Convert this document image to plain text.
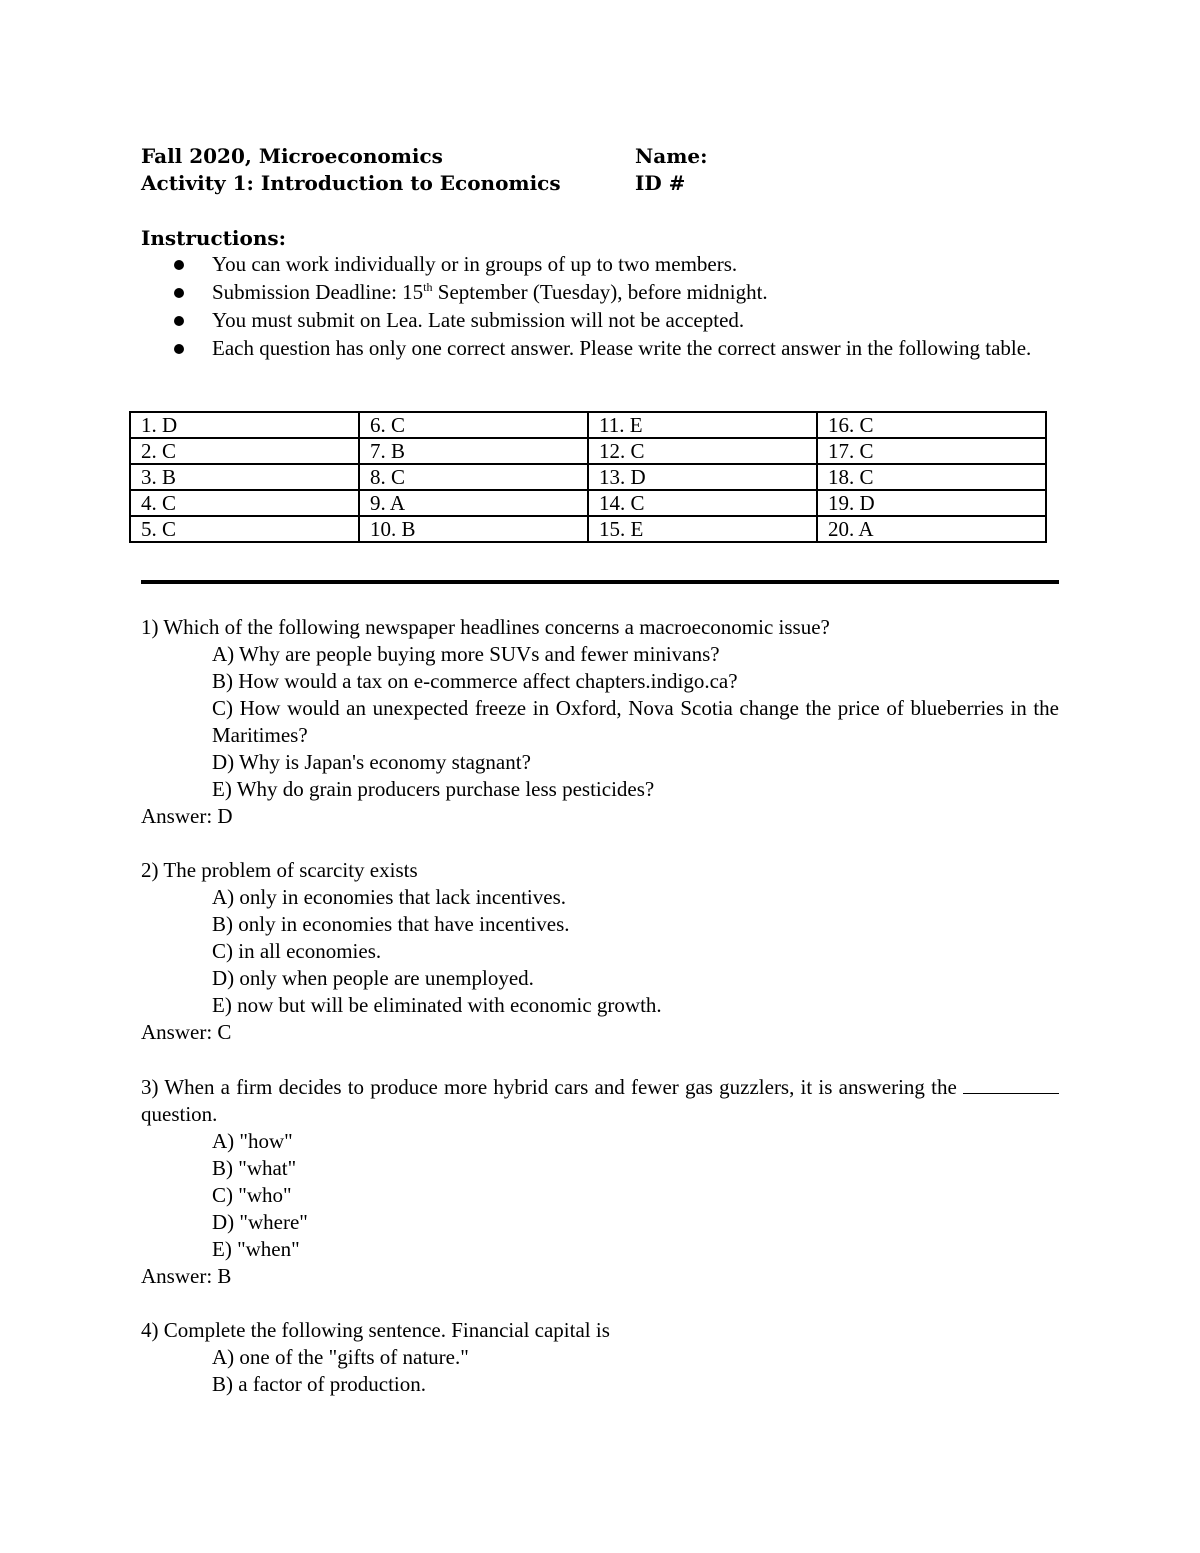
Fall 2020, Microeconomics
Activity 1: Introduction to Economics
Name:
ID #
Instructions:
You can work individually or in groups of up to two members.
Submission Deadline: 15th September (Tuesday), before midnight.
You must submit on Lea. Late submission will not be accepted.
Each question has only one correct answer. Please write the correct answer in the following table.
1. D	6. C	11. E	16. C
2. C	7. B	12. C	17. C
3. B	8. C	13. D	18. C
4. C	9. A	14. C	19. D
5. C	10. B	15. E	20. A
1) Which of the following newspaper headlines concerns a macroeconomic issue?
A) Why are people buying more SUVs and fewer minivans?
B) How would a tax on e-commerce affect chapters.indigo.ca?
C) How would an unexpected freeze in Oxford, Nova Scotia change the price of blueberries in the Maritimes?
D) Why is Japan's economy stagnant?
E) Why do grain producers purchase less pesticides?
Answer: D
2) The problem of scarcity exists
A) only in economies that lack incentives.
B) only in economies that have incentives.
C) in all economies.
D) only when people are unemployed.
E) now but will be eliminated with economic growth.
Answer: C
3) When a firm decides to produce more hybrid cars and fewer gas guzzlers, it is answering the  question.
A) "how"
B) "what"
C) "who"
D) "where"
E) "when"
Answer: B
4) Complete the following sentence. Financial capital is
A) one of the "gifts of nature."
B) a factor of production.
